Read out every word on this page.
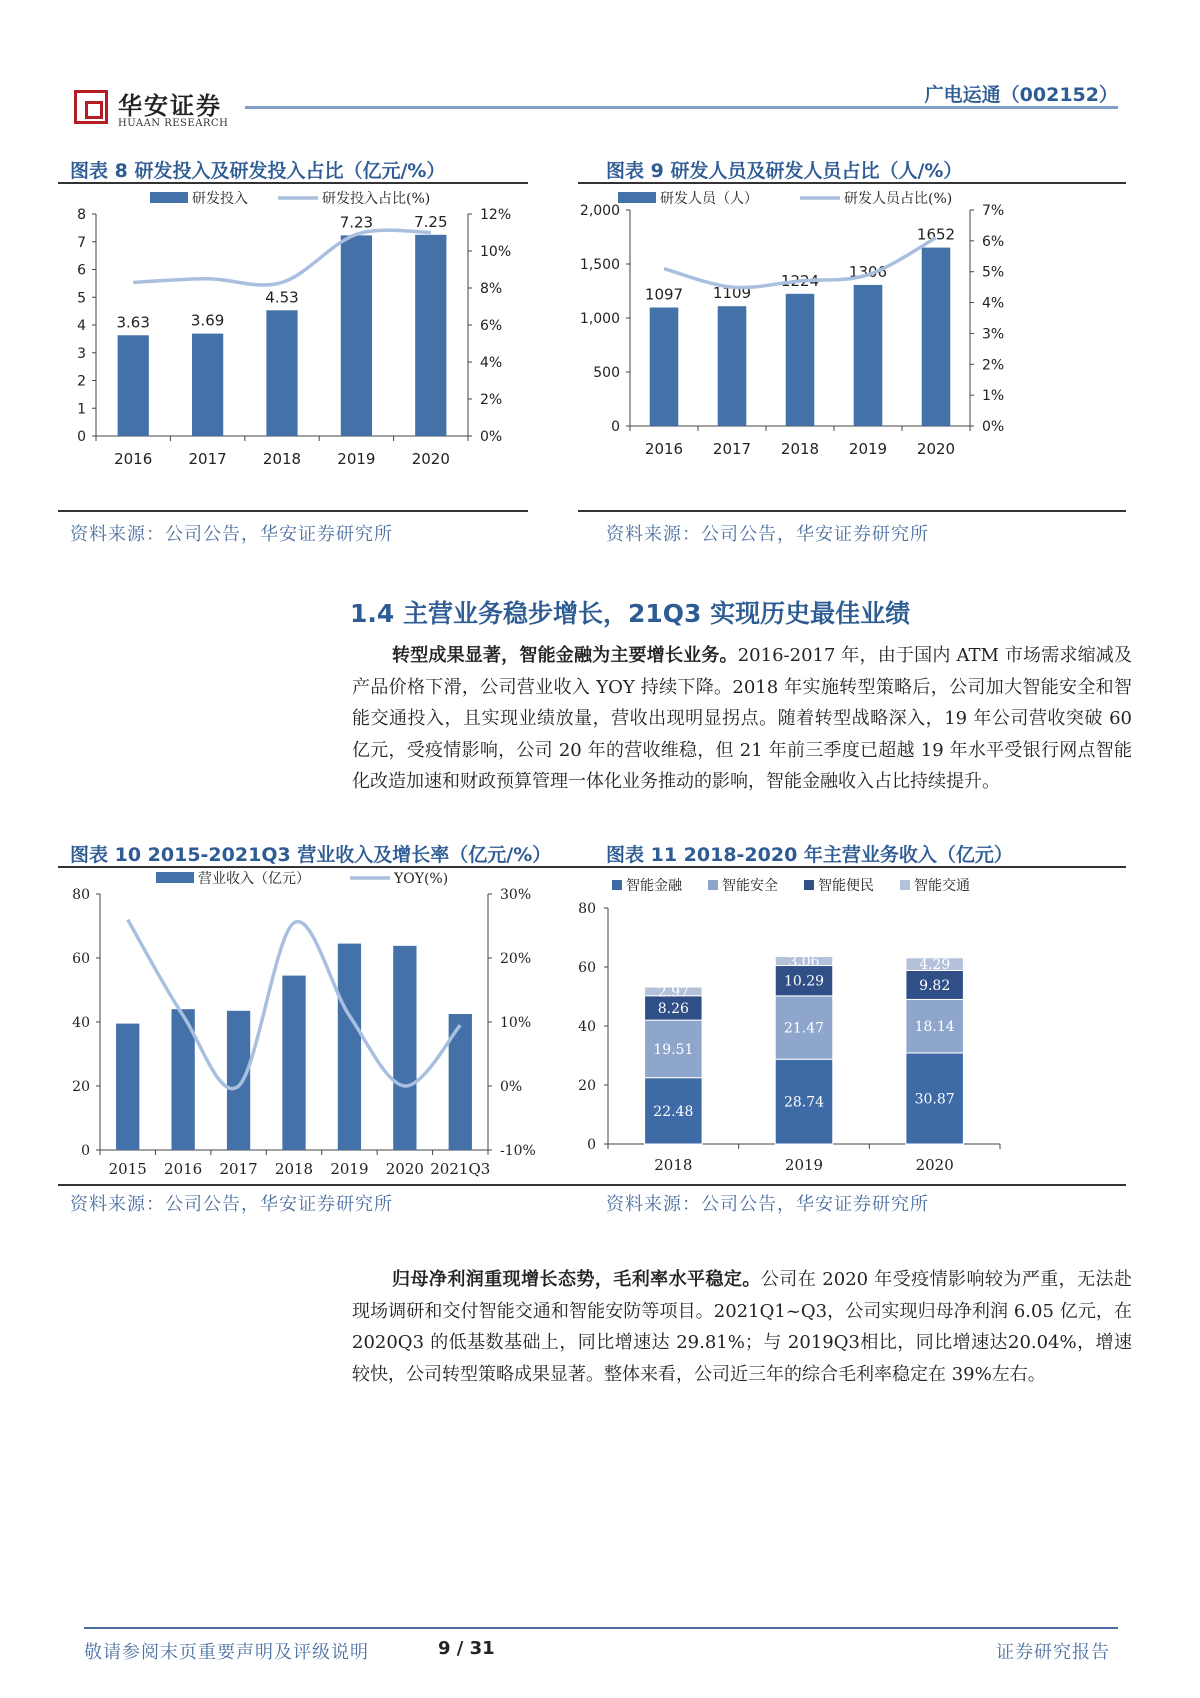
华安证券
HUAAN RESEARCH
广电运通（002152）
图表 8 研发投入及研发投入占比（亿元/%）
0
1
2
3
4
5
6
7
8
0%
2%
4%
6%
8%
10%
12%
2016
3.63
2017
3.69
2018
4.53
2019
7.23
2020
7.25
研发投入	研发投入占比(%)
资料来源：公司公告，华安证券研究所
图表 9 研发人员及研发人员占比（人/%）
0
500
1,000
1,500
2,000
0%
1%
2%
3%
4%
5%
6%
7%
2016
1097
2017
1109
2018
1224
2019
1306
2020
1652
研发人员（人）	研发人员占比(%)
资料来源：公司公告，华安证券研究所
1.4 主营业务稳步增长，21Q3 实现历史最佳业绩
转型成果显著，智能金融为主要增长业务。2016-2017 年，由于国内 ATM 市场需求缩减及产品价格下滑，公司营业收入 YOY 持续下降。2018 年实施转型策略后，公司加大智能安全和智能交通投入，且实现业绩放量，营收出现明显拐点。随着转型战略深入，19 年公司营收突破 60 亿元，受疫情影响，公司 20 年的营收维稳，但 21 年前三季度已超越 19 年水平受银行网点智能化改造加速和财政预算管理一体化业务推动的影响，智能金融收入占比持续提升。
图表 10 2015-2021Q3 营业收入及增长率（亿元/%）
0
20
40
60
80
-10%
0%
10%
20%
30%
2015 2016 2017 2018 2019 2020 2021Q3
营业收入（亿元）	YOY(%)
资料来源：公司公告，华安证券研究所
图表 11 2018-2020 年主营业务收入（亿元）
0
20
40
60
80
2018
22.48
19.51
8.26
2.97
2019
28.74
21.47
10.29
3.06
2020
30.87
18.14
9.82
4.29
智能金融	智能安全	智能便民	智能交通
资料来源：公司公告，华安证券研究所
归母净利润重现增长态势，毛利率水平稳定。公司在 2020 年受疫情影响较为严重，无法赴现场调研和交付智能交通和智能安防等项目。2021Q1~Q3，公司实现归母净利润 6.05 亿元，在 2020Q3 的低基数基础上，同比增速达 29.81%；与 2019Q3相比，同比增速达20.04%，增速较快，公司转型策略成果显著。整体来看，公司近三年的综合毛利率稳定在 39%左右。
敬请参阅末页重要声明及评级说明	9 / 31	证券研究报告
